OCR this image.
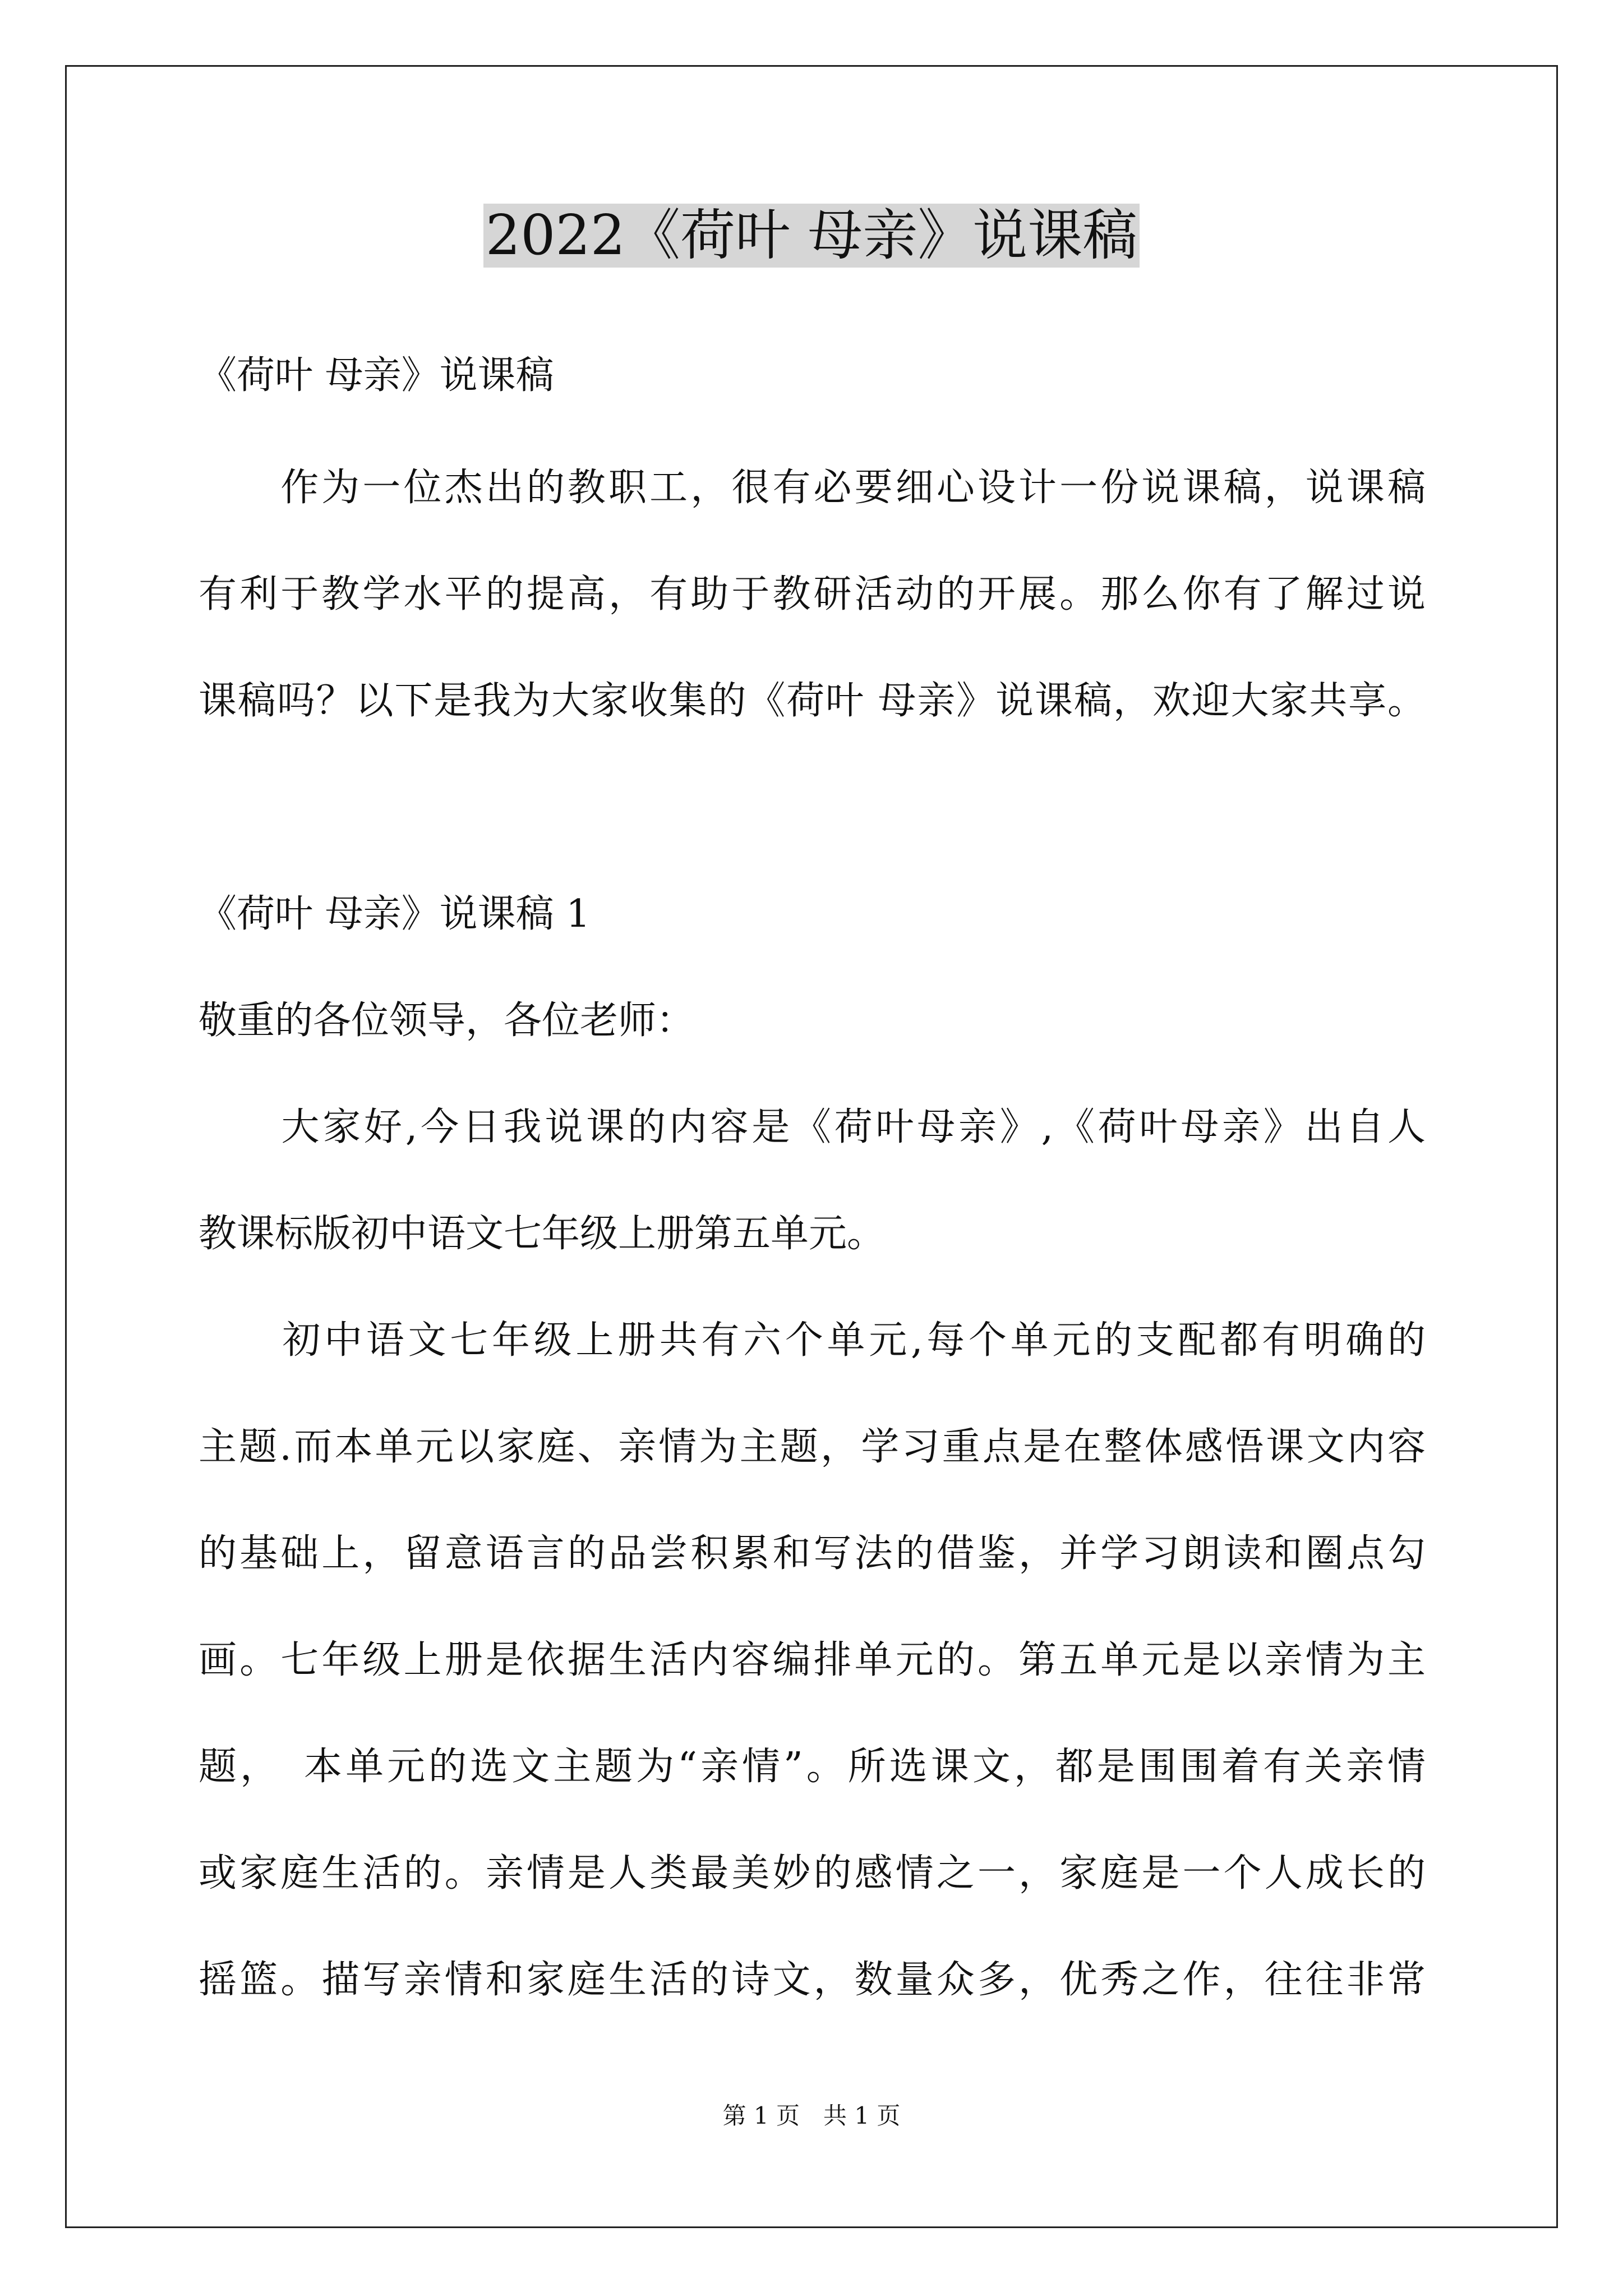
2022《荷叶 母亲》说课稿
《荷叶 母亲》说课稿
　　作为一位杰出的教职工，很有必要细心设计一份说课稿，说课稿
有利于教学水平的提高，有助于教研活动的开展。那么你有了解过说
课稿吗？以下是我为大家收集的《荷叶 母亲》说课稿，欢迎大家共享。
《荷叶 母亲》说课稿 1
敬重的各位领导，各位老师：
　　大家好,今日我说课的内容是《荷叶母亲》,《荷叶母亲》出自人
教课标版初中语文七年级上册第五单元。
　　初中语文七年级上册共有六个单元,每个单元的支配都有明确的
主题.而本单元以家庭、亲情为主题，学习重点是在整体感悟课文内容
的基础上，留意语言的品尝积累和写法的借鉴，并学习朗读和圈点勾
画。七年级上册是依据生活内容编排单元的。第五单元是以亲情为主
题，　本单元的选文主题为“亲情”。所选课文，都是围围着有关亲情
或家庭生活的。亲情是人类最美妙的感情之一，家庭是一个人成长的
摇篮。描写亲情和家庭生活的诗文，数量众多，优秀之作，往往非常
第 1 页　共 1 页
